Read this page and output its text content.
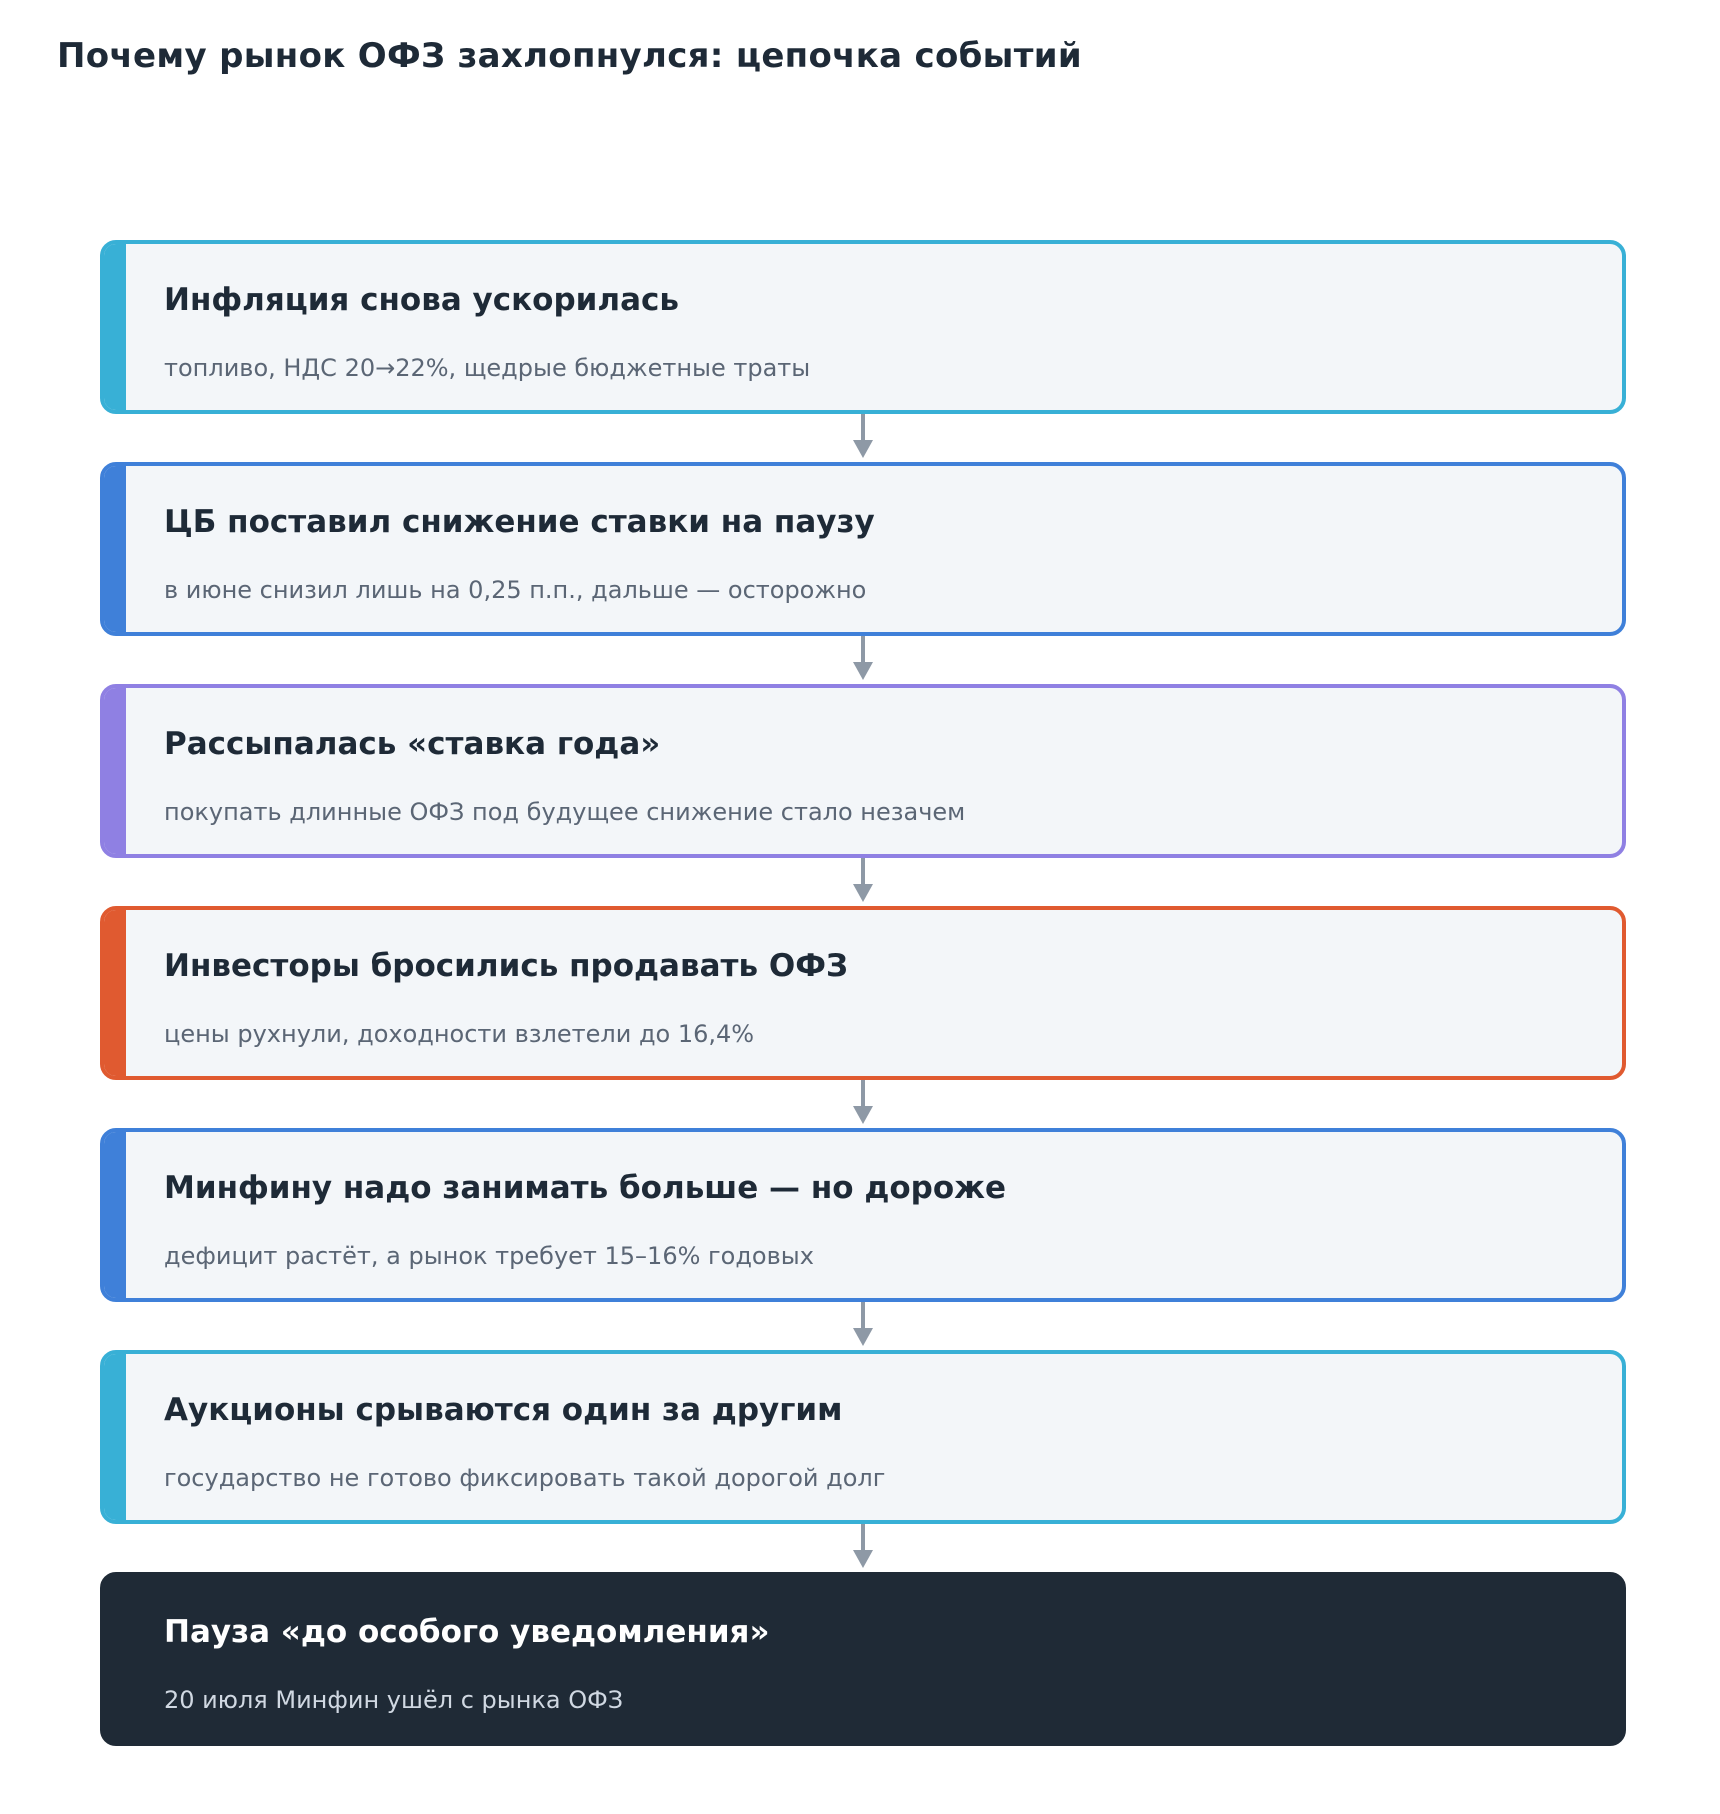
Почему рынок ОФЗ захлопнулся: цепочка событий
Инфляция снова ускорилась
топливо, НДС 20→22%, щедрые бюджетные траты
ЦБ поставил снижение ставки на паузу
в июне снизил лишь на 0,25 п.п., дальше — осторожно
Рассыпалась «ставка года»
покупать длинные ОФЗ под будущее снижение стало незачем
Инвесторы бросились продавать ОФЗ
цены рухнули, доходности взлетели до 16,4%
Минфину надо занимать больше — но дороже
дефицит растёт, а рынок требует 15–16% годовых
Аукционы срываются один за другим
государство не готово фиксировать такой дорогой долг
Пауза «до особого уведомления»
20 июля Минфин ушёл с рынка ОФЗ
